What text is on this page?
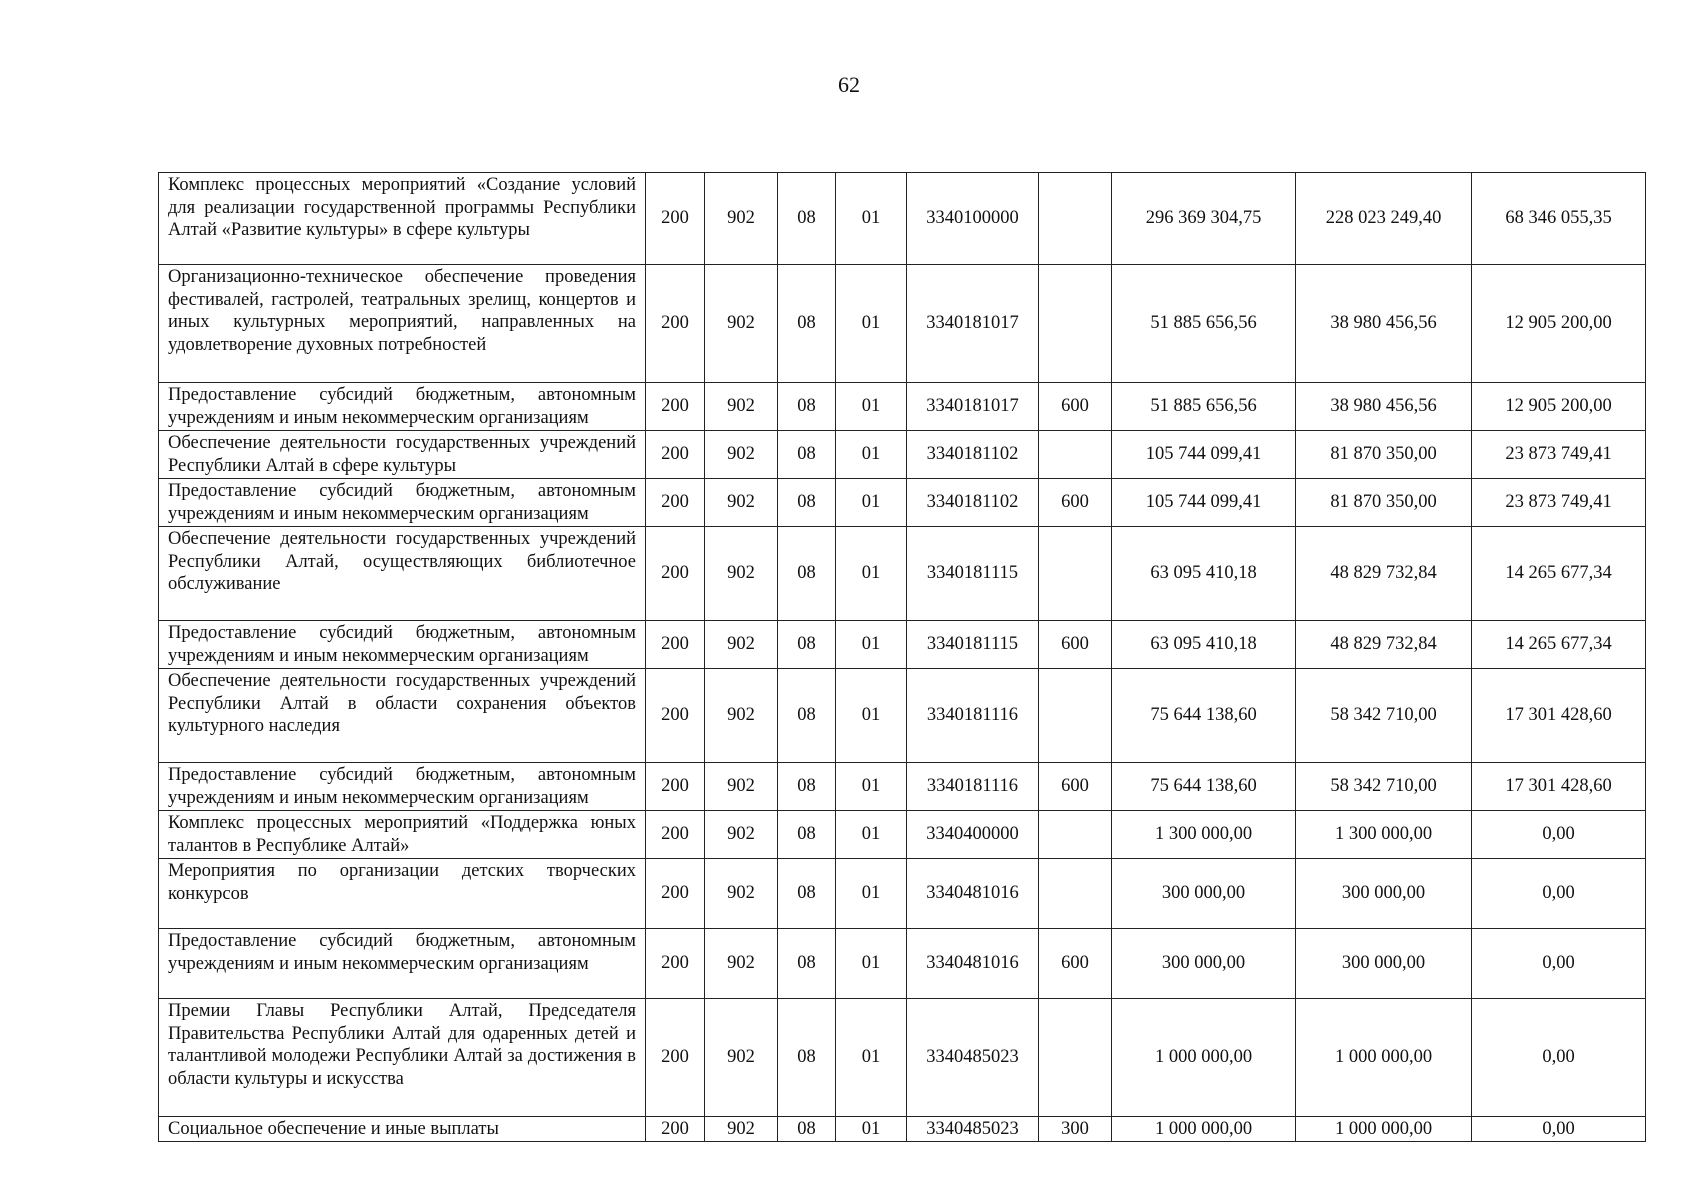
62
Комплекс процессных мероприятий «Создание условий для реализации государственной программы Республики Алтай «Развитие культуры» в сфере культуры	200	902	08	01	3340100000		296 369 304,75	228 023 249,40	68 346 055,35
Организационно-техническое обеспечение проведения фестивалей, гастролей, театральных зрелищ, концертов и иных культурных мероприятий, направленных на удовлетворение духовных потребностей	200	902	08	01	3340181017		51 885 656,56	38 980 456,56	12 905 200,00
Предоставление субсидий бюджетным, автономным учреждениям и иным некоммерческим организациям	200	902	08	01	3340181017	600	51 885 656,56	38 980 456,56	12 905 200,00
Обеспечение деятельности государственных учреждений Республики Алтай в сфере культуры	200	902	08	01	3340181102		105 744 099,41	81 870 350,00	23 873 749,41
Предоставление субсидий бюджетным, автономным учреждениям и иным некоммерческим организациям	200	902	08	01	3340181102	600	105 744 099,41	81 870 350,00	23 873 749,41
Обеспечение деятельности государственных учреждений Республики Алтай, осуществляющих библиотечное обслуживание	200	902	08	01	3340181115		63 095 410,18	48 829 732,84	14 265 677,34
Предоставление субсидий бюджетным, автономным учреждениям и иным некоммерческим организациям	200	902	08	01	3340181115	600	63 095 410,18	48 829 732,84	14 265 677,34
Обеспечение деятельности государственных учреждений Республики Алтай в области сохранения объектов культурного наследия	200	902	08	01	3340181116		75 644 138,60	58 342 710,00	17 301 428,60
Предоставление субсидий бюджетным, автономным учреждениям и иным некоммерческим организациям	200	902	08	01	3340181116	600	75 644 138,60	58 342 710,00	17 301 428,60
Комплекс процессных мероприятий «Поддержка юных талантов в Республике Алтай»	200	902	08	01	3340400000		1 300 000,00	1 300 000,00	0,00
Мероприятия по организации детских творческих конкурсов	200	902	08	01	3340481016		300 000,00	300 000,00	0,00
Предоставление субсидий бюджетным, автономным учреждениям и иным некоммерческим организациям	200	902	08	01	3340481016	600	300 000,00	300 000,00	0,00
Премии Главы Республики Алтай, Председателя Правительства Республики Алтай для одаренных детей и талантливой молодежи Республики Алтай за достижения в области культуры и искусства	200	902	08	01	3340485023		1 000 000,00	1 000 000,00	0,00
Социальное обеспечение и иные выплаты	200	902	08	01	3340485023	300	1 000 000,00	1 000 000,00	0,00
